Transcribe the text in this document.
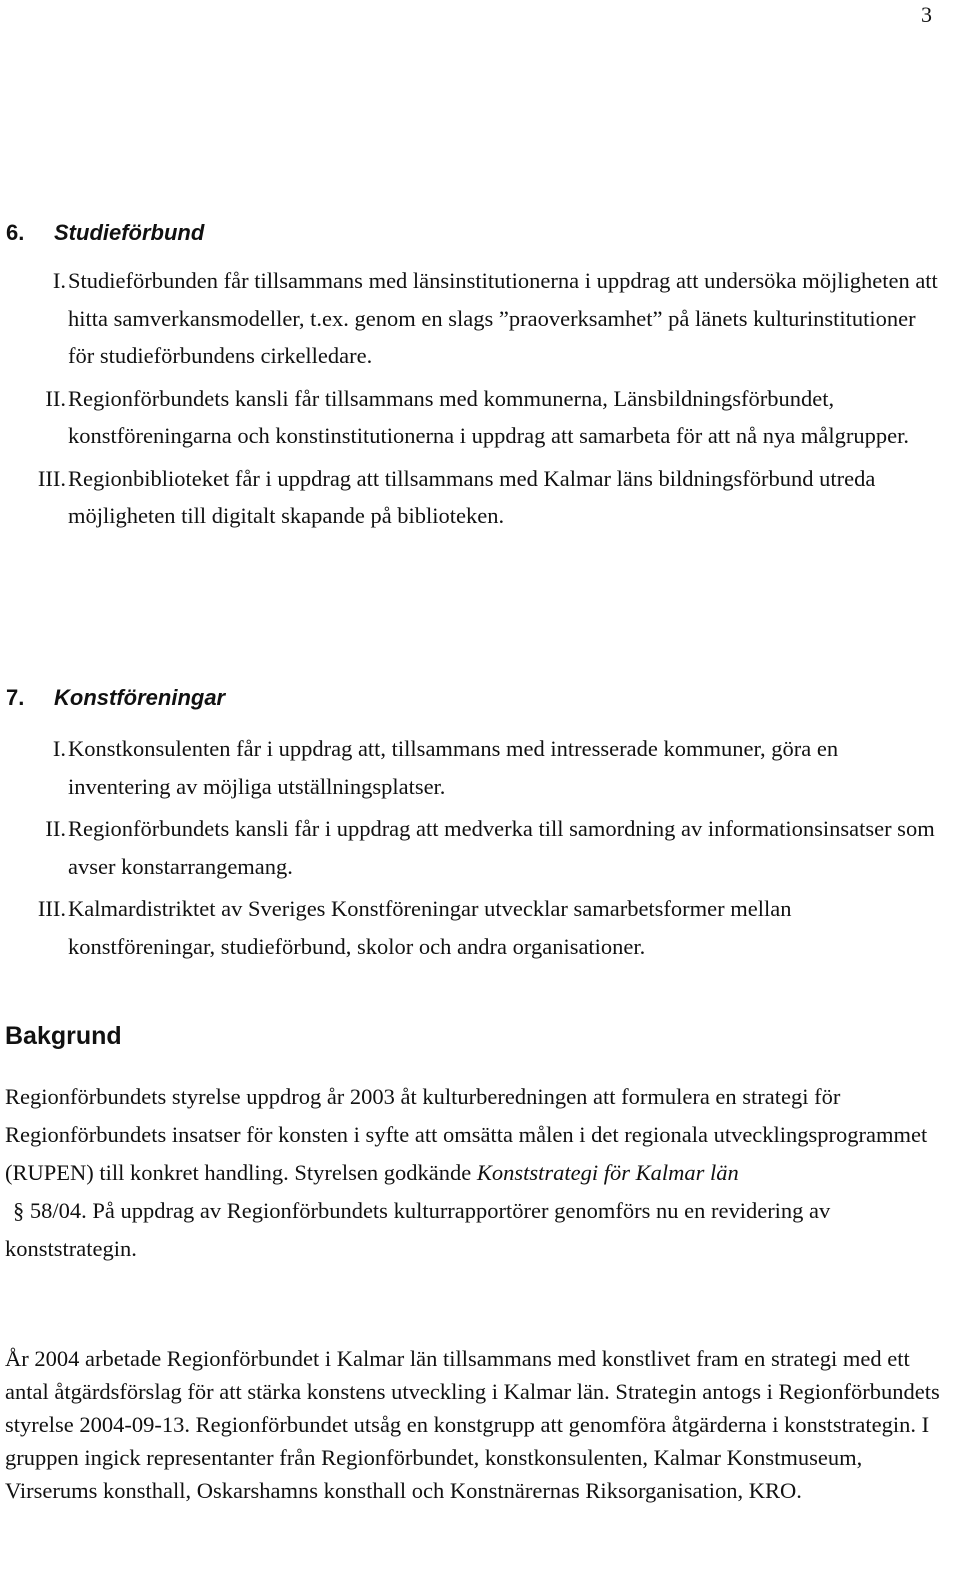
3
6. Studieförbund
I. Studieförbunden får tillsammans med länsinstitutionerna i uppdrag att undersöka möjligheten att hitta samverkansmodeller, t.ex. genom en slags ”praoverksamhet” på länets kulturinstitutioner för studieförbundens cirkelledare.
II. Regionförbundets kansli får tillsammans med kommunerna, Länsbildningsförbundet, konstföreningarna och konstinstitutionerna i uppdrag att samarbeta för att nå nya målgrupper.
III. Regionbiblioteket får i uppdrag att tillsammans med Kalmar läns bildningsförbund utreda möjligheten till digitalt skapande på biblioteken.
7. Konstföreningar
I. Konstkonsulenten får i uppdrag att, tillsammans med intresserade kommuner, göra en inventering av möjliga utställningsplatser.
II. Regionförbundets kansli får i uppdrag att medverka till samordning av informationsinsatser som avser konstarrangemang.
III. Kalmardistriktet av Sveriges Konstföreningar utvecklar samarbetsformer mellan konstföreningar, studieförbund, skolor och andra organisationer.
Bakgrund

Regionförbundets styrelse uppdrog år 2003 åt kulturberedningen att formulera en strategi för Regionförbundets insatser för konsten i syfte att omsätta målen i det regionala utvecklingsprogrammet (RUPEN) till konkret handling. Styrelsen godkände Konststrategi för Kalmar län
§ 58/04. På uppdrag av Regionförbundets kulturrapportörer genomförs nu en revidering av konststrategin.

År 2004 arbetade Regionförbundet i Kalmar län tillsammans med konstlivet fram en strategi med ett antal åtgärdsförslag för att stärka konstens utveckling i Kalmar län. Strategin antogs i Regionförbundets styrelse 2004-09-13. Regionförbundet utsåg en konstgrupp att genomföra åtgärderna i konststrategin. I gruppen ingick representanter från Regionförbundet, konstkonsulenten, Kalmar Konstmuseum, Virserums konsthall, Oskarshamns konsthall och Konstnärernas Riksorganisation, KRO.
